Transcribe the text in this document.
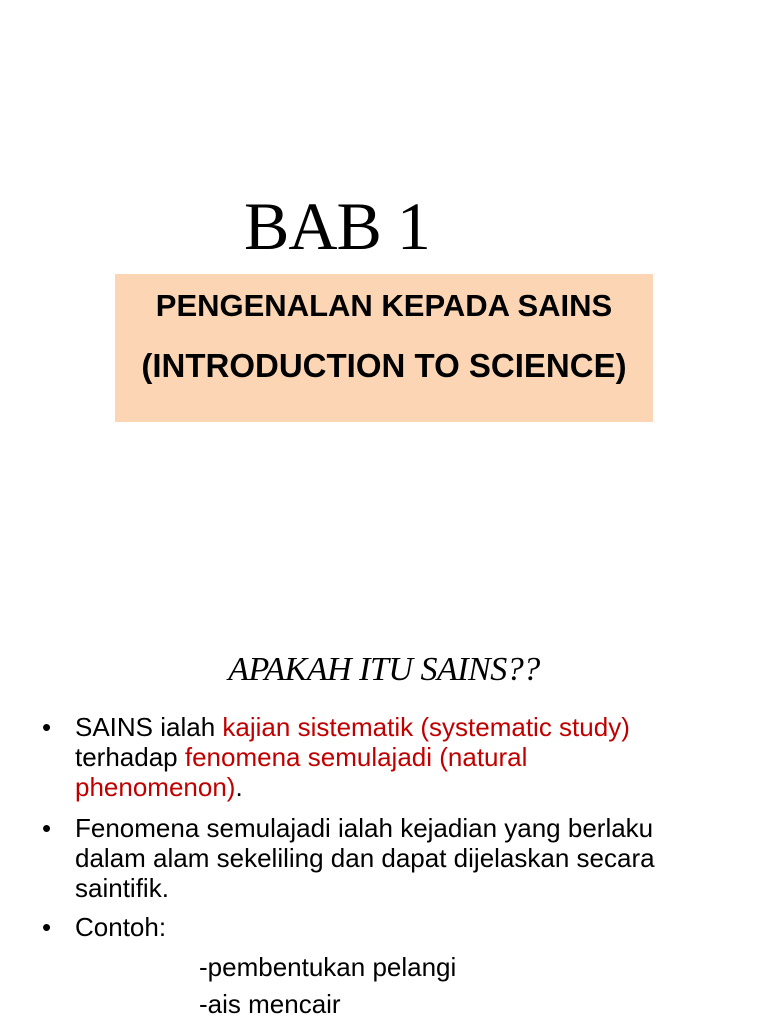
BAB 1
PENGENALAN KEPADA SAINS
(INTRODUCTION TO SCIENCE)
APAKAH ITU SAINS??
• SAINS ialah kajian sistematik (systematic study)
terhadap fenomena semulajadi (natural
phenomenon).
• Fenomena semulajadi ialah kejadian yang berlaku
dalam alam sekeliling dan dapat dijelaskan secara
saintifik.
• Contoh:
-pembentukan pelangi
-ais mencair
